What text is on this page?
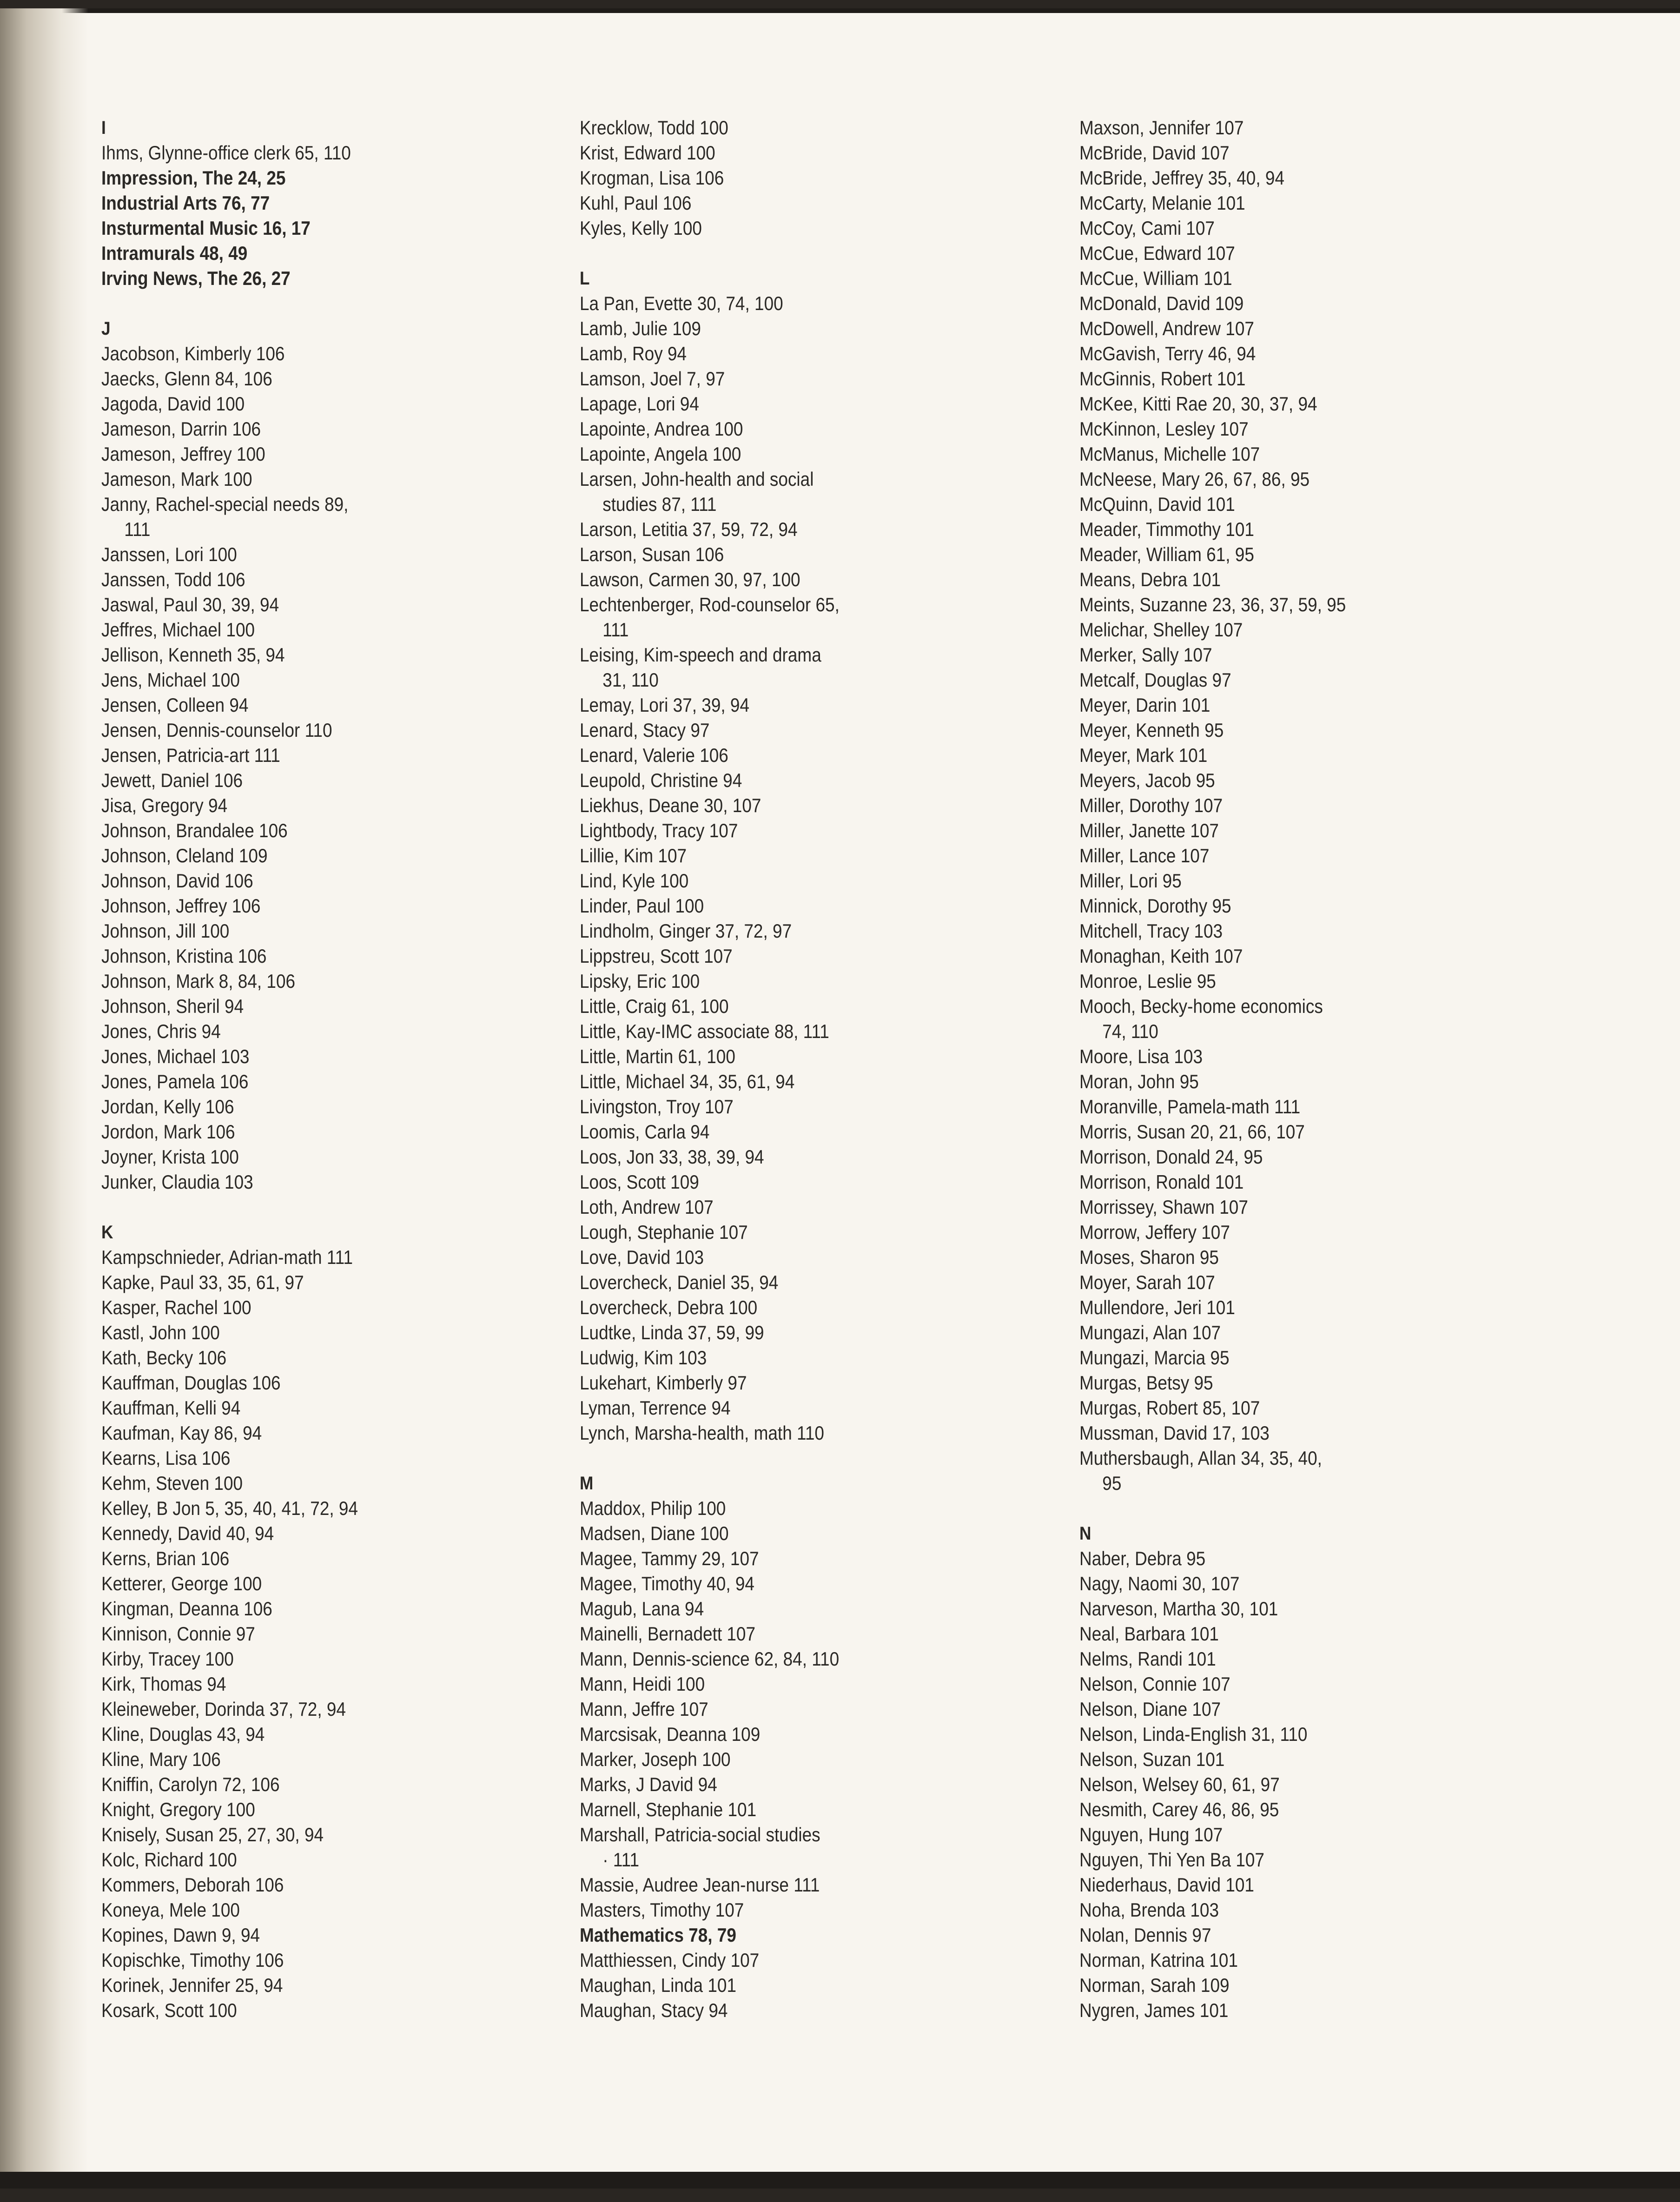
I
Ihms, Glynne-office clerk 65, 110
Impression, The 24, 25
Industrial Arts 76, 77
Insturmental Music 16, 17
Intramurals 48, 49
Irving News, The 26, 27
J
Jacobson, Kimberly 106
Jaecks, Glenn 84, 106
Jagoda, David 100
Jameson, Darrin 106
Jameson, Jeffrey 100
Jameson, Mark 100
Janny, Rachel-special needs 89,
111
Janssen, Lori 100
Janssen, Todd 106
Jaswal, Paul 30, 39, 94
Jeffres, Michael 100
Jellison, Kenneth 35, 94
Jens, Michael 100
Jensen, Colleen 94
Jensen, Dennis-counselor 110
Jensen, Patricia-art 111
Jewett, Daniel 106
Jisa, Gregory 94
Johnson, Brandalee 106
Johnson, Cleland 109
Johnson, David 106
Johnson, Jeffrey 106
Johnson, Jill 100
Johnson, Kristina 106
Johnson, Mark 8, 84, 106
Johnson, Sheril 94
Jones, Chris 94
Jones, Michael 103
Jones, Pamela 106
Jordan, Kelly 106
Jordon, Mark 106
Joyner, Krista 100
Junker, Claudia 103
K
Kampschnieder, Adrian-math 111
Kapke, Paul 33, 35, 61, 97
Kasper, Rachel 100
Kastl, John 100
Kath, Becky 106
Kauffman, Douglas 106
Kauffman, Kelli 94
Kaufman, Kay 86, 94
Kearns, Lisa 106
Kehm, Steven 100
Kelley, B Jon 5, 35, 40, 41, 72, 94
Kennedy, David 40, 94
Kerns, Brian 106
Ketterer, George 100
Kingman, Deanna 106
Kinnison, Connie 97
Kirby, Tracey 100
Kirk, Thomas 94
Kleineweber, Dorinda 37, 72, 94
Kline, Douglas 43, 94
Kline, Mary 106
Kniffin, Carolyn 72, 106
Knight, Gregory 100
Knisely, Susan 25, 27, 30, 94
Kolc, Richard 100
Kommers, Deborah 106
Koneya, Mele 100
Kopines, Dawn 9, 94
Kopischke, Timothy 106
Korinek, Jennifer 25, 94
Kosark, Scott 100
Krecklow, Todd 100
Krist, Edward 100
Krogman, Lisa 106
Kuhl, Paul 106
Kyles, Kelly 100
L
La Pan, Evette 30, 74, 100
Lamb, Julie 109
Lamb, Roy 94
Lamson, Joel 7, 97
Lapage, Lori 94
Lapointe, Andrea 100
Lapointe, Angela 100
Larsen, John-health and social
studies 87, 111
Larson, Letitia 37, 59, 72, 94
Larson, Susan 106
Lawson, Carmen 30, 97, 100
Lechtenberger, Rod-counselor 65,
111
Leising, Kim-speech and drama
31, 110
Lemay, Lori 37, 39, 94
Lenard, Stacy 97
Lenard, Valerie 106
Leupold, Christine 94
Liekhus, Deane 30, 107
Lightbody, Tracy 107
Lillie, Kim 107
Lind, Kyle 100
Linder, Paul 100
Lindholm, Ginger 37, 72, 97
Lippstreu, Scott 107
Lipsky, Eric 100
Little, Craig 61, 100
Little, Kay-IMC associate 88, 111
Little, Martin 61, 100
Little, Michael 34, 35, 61, 94
Livingston, Troy 107
Loomis, Carla 94
Loos, Jon 33, 38, 39, 94
Loos, Scott 109
Loth, Andrew 107
Lough, Stephanie 107
Love, David 103
Lovercheck, Daniel 35, 94
Lovercheck, Debra 100
Ludtke, Linda 37, 59, 99
Ludwig, Kim 103
Lukehart, Kimberly 97
Lyman, Terrence 94
Lynch, Marsha-health, math 110
M
Maddox, Philip 100
Madsen, Diane 100
Magee, Tammy 29, 107
Magee, Timothy 40, 94
Magub, Lana 94
Mainelli, Bernadett 107
Mann, Dennis-science 62, 84, 110
Mann, Heidi 100
Mann, Jeffre 107
Marcsisak, Deanna 109
Marker, Joseph 100
Marks, J David 94
Marnell, Stephanie 101
Marshall, Patricia-social studies
· 111
Massie, Audree Jean-nurse 111
Masters, Timothy 107
Mathematics 78, 79
Matthiessen, Cindy 107
Maughan, Linda 101
Maughan, Stacy 94
Maxson, Jennifer 107
McBride, David 107
McBride, Jeffrey 35, 40, 94
McCarty, Melanie 101
McCoy, Cami 107
McCue, Edward 107
McCue, William 101
McDonald, David 109
McDowell, Andrew 107
McGavish, Terry 46, 94
McGinnis, Robert 101
McKee, Kitti Rae 20, 30, 37, 94
McKinnon, Lesley 107
McManus, Michelle 107
McNeese, Mary 26, 67, 86, 95
McQuinn, David 101
Meader, Timmothy 101
Meader, William 61, 95
Means, Debra 101
Meints, Suzanne 23, 36, 37, 59, 95
Melichar, Shelley 107
Merker, Sally 107
Metcalf, Douglas 97
Meyer, Darin 101
Meyer, Kenneth 95
Meyer, Mark 101
Meyers, Jacob 95
Miller, Dorothy 107
Miller, Janette 107
Miller, Lance 107
Miller, Lori 95
Minnick, Dorothy 95
Mitchell, Tracy 103
Monaghan, Keith 107
Monroe, Leslie 95
Mooch, Becky-home economics
74, 110
Moore, Lisa 103
Moran, John 95
Moranville, Pamela-math 111
Morris, Susan 20, 21, 66, 107
Morrison, Donald 24, 95
Morrison, Ronald 101
Morrissey, Shawn 107
Morrow, Jeffery 107
Moses, Sharon 95
Moyer, Sarah 107
Mullendore, Jeri 101
Mungazi, Alan 107
Mungazi, Marcia 95
Murgas, Betsy 95
Murgas, Robert 85, 107
Mussman, David 17, 103
Muthersbaugh, Allan 34, 35, 40,
95
N
Naber, Debra 95
Nagy, Naomi 30, 107
Narveson, Martha 30, 101
Neal, Barbara 101
Nelms, Randi 101
Nelson, Connie 107
Nelson, Diane 107
Nelson, Linda-English 31, 110
Nelson, Suzan 101
Nelson, Welsey 60, 61, 97
Nesmith, Carey 46, 86, 95
Nguyen, Hung 107
Nguyen, Thi Yen Ba 107
Niederhaus, David 101
Noha, Brenda 103
Nolan, Dennis 97
Norman, Katrina 101
Norman, Sarah 109
Nygren, James 101
